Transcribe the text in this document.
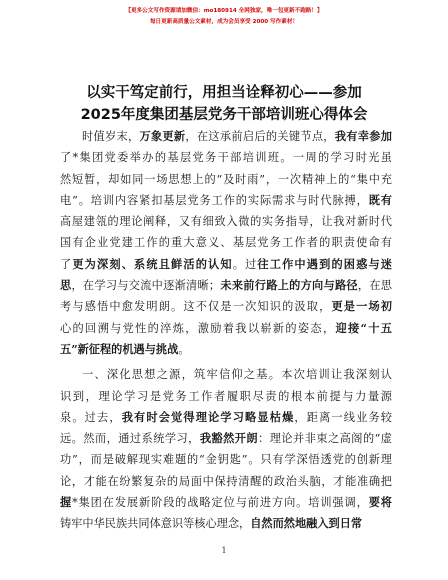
【更多公文写作资源请加微信：mo180914 全网独家，唯一包更新不跑路！】
每日更新高质量公文素材，成为会员享受 2000 写作素材！
以实干笃定前行，用担当诠释初心——参加
2025年度集团基层党务干部培训班心得体会

时值岁末，万象更新，在这承前启后的关键节点，我有幸参加
了*集团党委举办的基层党务干部培训班。一周的学习时光虽
然短暂，却如同一场思想上的“及时雨”，一次精神上的“集中充
电”。培训内容紧扣基层党务工作的实际需求与时代脉搏，既有
高屋建瓴的理论阐释，又有细致入微的实务指导，让我对新时代
国有企业党建工作的重大意义、基层党务工作者的职责使命有
了更为深刻、系统且鲜活的认知。过往工作中遇到的困惑与迷
思，在学习与交流中逐渐清晰；未来前行路上的方向与路径，在思
考与感悟中愈发明朗。这不仅是一次知识的汲取，更是一场初
心的回溯与党性的淬炼，激励着我以崭新的姿态，迎接“十五
五”新征程的机遇与挑战。

一、深化思想之源，筑牢信仰之基。本次培训让我深刻认
识到，理论学习是党务工作者履职尽责的根本前提与力量源
泉。过去，我有时会觉得理论学习略显枯燥，距离一线业务较
远。然而，通过系统学习，我豁然开朗：理论并非束之高阁的“虚
功”，而是破解现实难题的“金钥匙”。只有学深悟透党的创新理
论，才能在纷繁复杂的局面中保持清醒的政治头脑，才能准确把
握*集团在发展新阶段的战略定位与前进方向。培训强调，要将
铸牢中华民族共同体意识等核心理念，自然而然地融入到日常

1
